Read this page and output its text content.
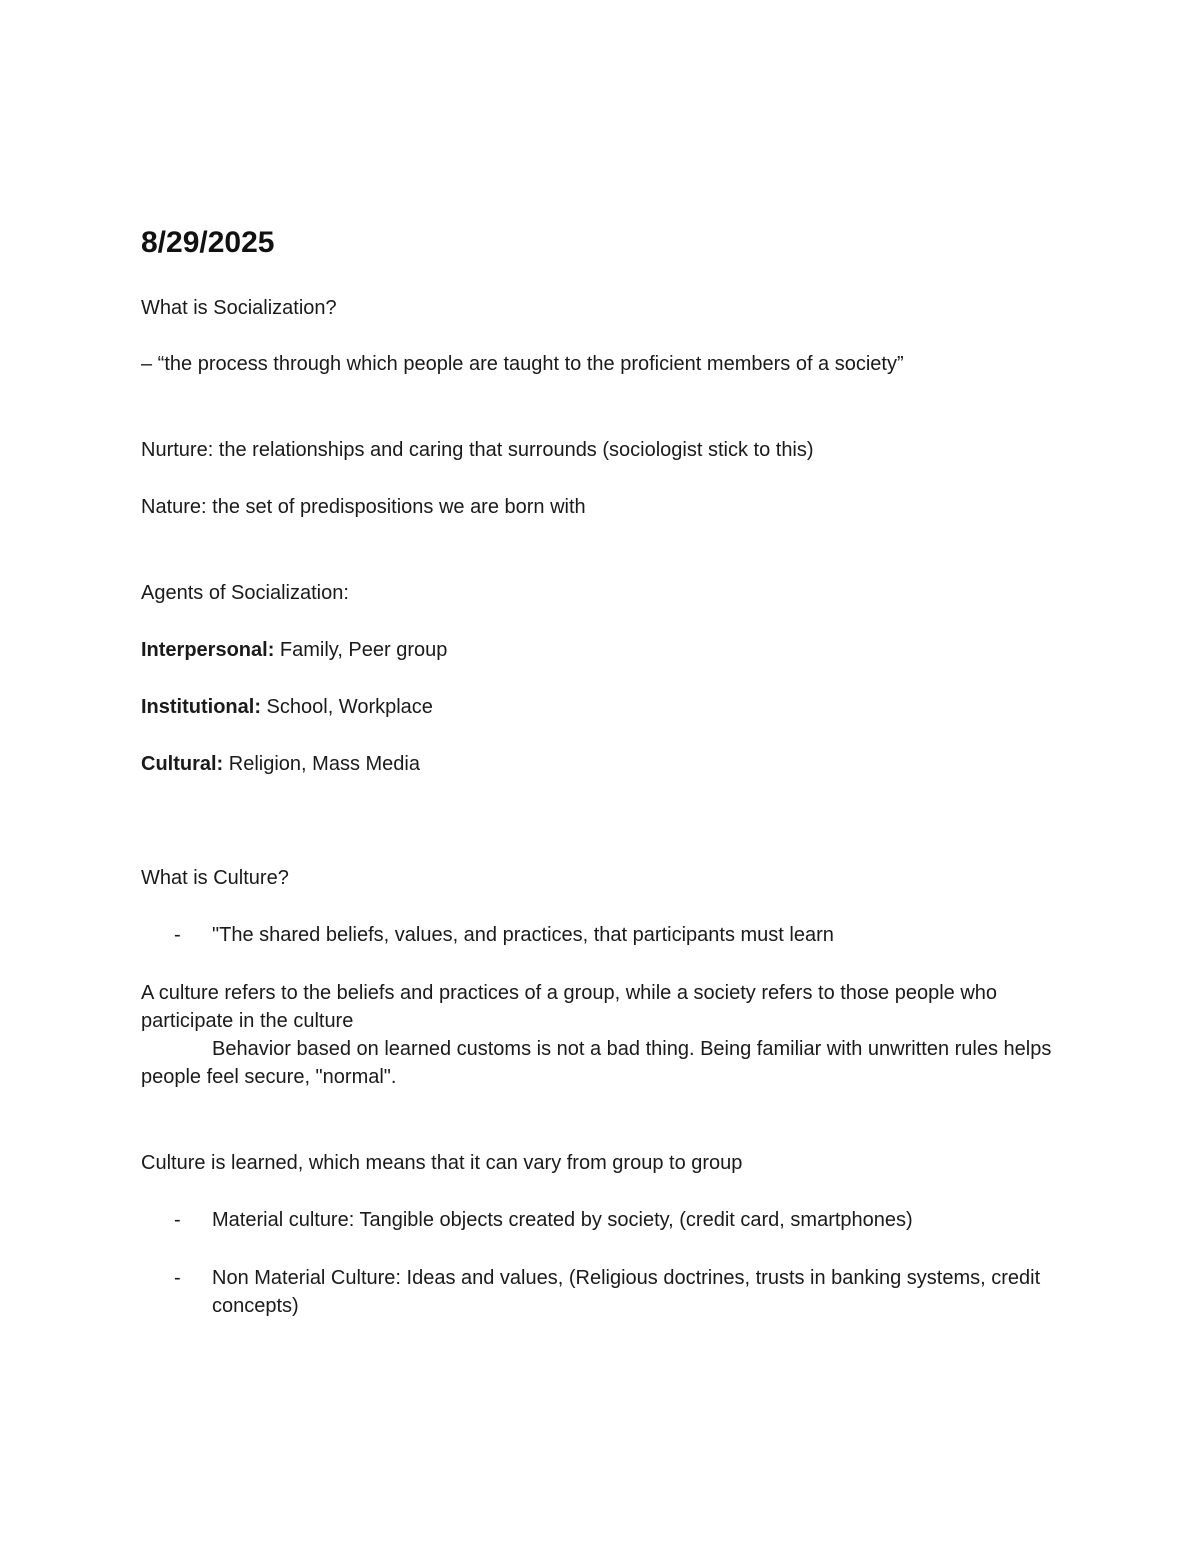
8/29/2025

What is Socialization?

– “the process through which people are taught to the proficient members of a society”

Nurture: the relationships and caring that surrounds (sociologist stick to this)

Nature: the set of predispositions we are born with

Agents of Socialization:

Interpersonal: Family, Peer group

Institutional: School, Workplace

Cultural: Religion, Mass Media

What is Culture?

- "The shared beliefs, values, and practices, that participants must learn

A culture refers to the beliefs and practices of a group, while a society refers to those people who participate in the culture

Behavior based on learned customs is not a bad thing. Being familiar with unwritten rules helps people feel secure, "normal".

Culture is learned, which means that it can vary from group to group

- Material culture: Tangible objects created by society, (credit card, smartphones)
- Non Material Culture: Ideas and values, (Religious doctrines, trusts in banking systems, credit concepts)
